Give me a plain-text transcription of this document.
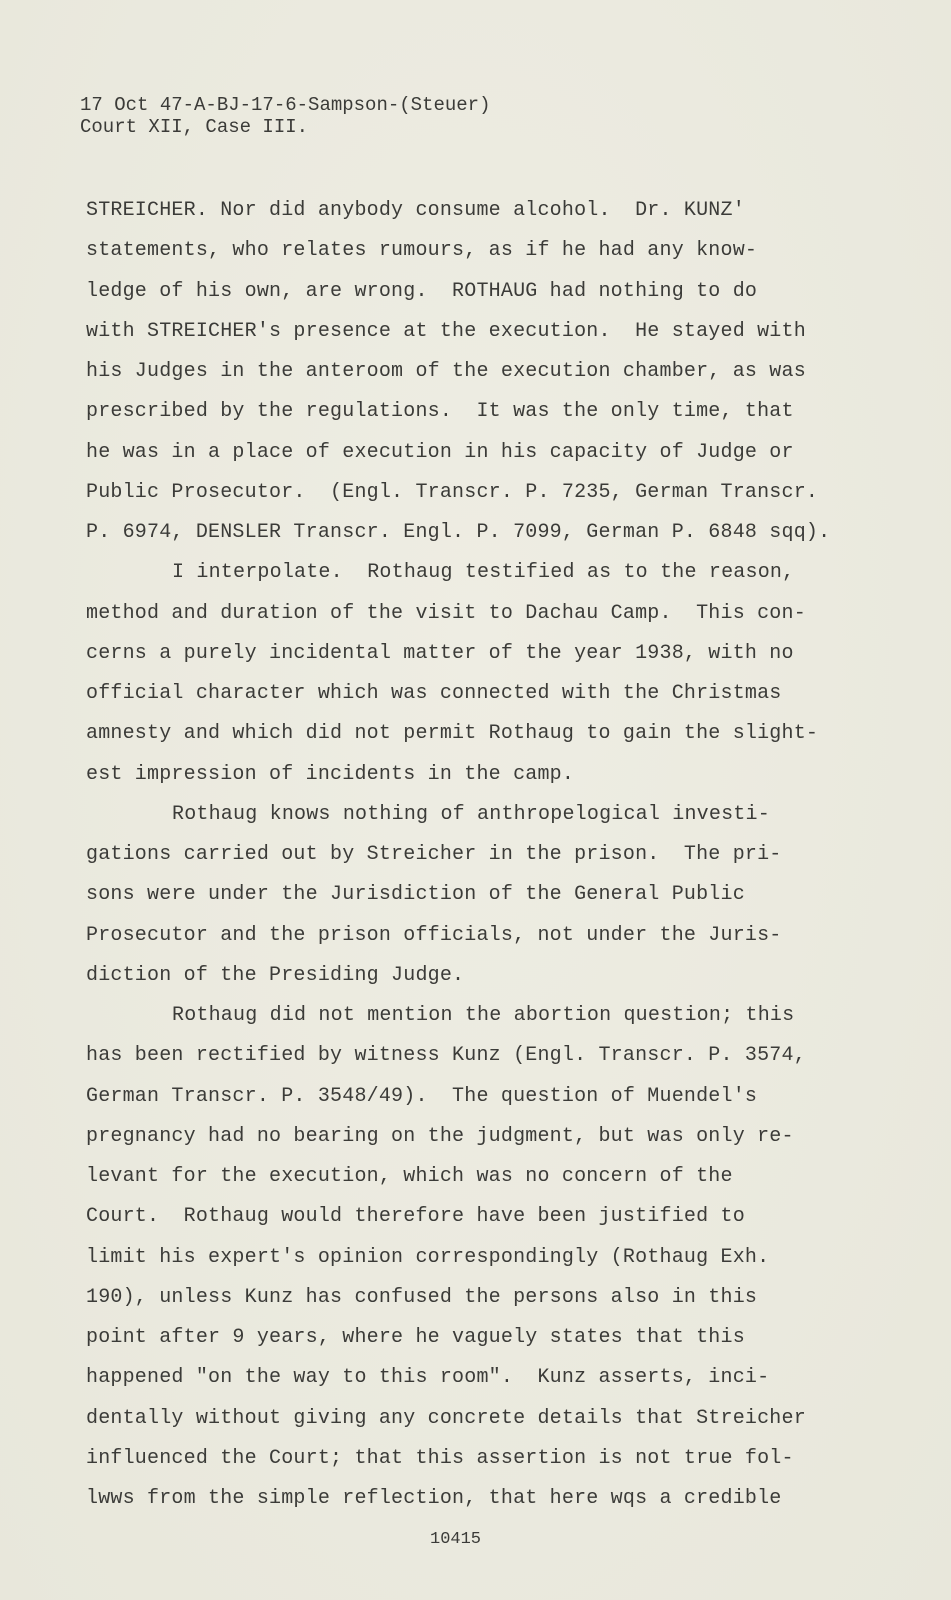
17 Oct 47-A-BJ-17-6-Sampson-(Steuer)
Court XII, Case III.
STREICHER. Nor did anybody consume alcohol.  Dr. KUNZ'
statements, who relates rumours, as if he had any know-
ledge of his own, are wrong.  ROTHAUG had nothing to do
with STREICHER's presence at the execution.  He stayed with
his Judges in the anteroom of the execution chamber, as was
prescribed by the regulations.  It was the only time, that
he was in a place of execution in his capacity of Judge or
Public Prosecutor.  (Engl. Transcr. P. 7235, German Transcr.
P. 6974, DENSLER Transcr. Engl. P. 7099, German P. 6848 sqq).
I interpolate.  Rothaug testified as to the reason,
method and duration of the visit to Dachau Camp.  This con-
cerns a purely incidental matter of the year 1938, with no
official character which was connected with the Christmas
amnesty and which did not permit Rothaug to gain the slight-
est impression of incidents in the camp.
Rothaug knows nothing of anthropelogical investi-
gations carried out by Streicher in the prison.  The pri-
sons were under the Jurisdiction of the General Public
Prosecutor and the prison officials, not under the Juris-
diction of the Presiding Judge.
Rothaug did not mention the abortion question; this
has been rectified by witness Kunz (Engl. Transcr. P. 3574,
German Transcr. P. 3548/49).  The question of Muendel's
pregnancy had no bearing on the judgment, but was only re-
levant for the execution, which was no concern of the
Court.  Rothaug would therefore have been justified to
limit his expert's opinion correspondingly (Rothaug Exh.
190), unless Kunz has confused the persons also in this
point after 9 years, where he vaguely states that this
happened "on the way to this room".  Kunz asserts, inci-
dentally without giving any concrete details that Streicher
influenced the Court; that this assertion is not true fol-
lwws from the simple reflection, that here wqs a credible
10415
